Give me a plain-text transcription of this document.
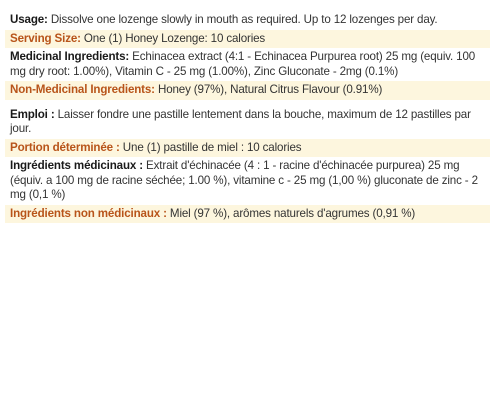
Usage: Dissolve one lozenge slowly in mouth as required. Up to 12 lozenges per day.
Serving Size: One (1) Honey Lozenge: 10 calories
Medicinal Ingredients: Echinacea extract (4:1 - Echinacea Purpurea root) 25 mg (equiv. 100 mg dry root: 1.00%), Vitamin C - 25 mg (1.00%), Zinc Gluconate - 2mg (0.1%)
Non-Medicinal Ingredients: Honey (97%), Natural Citrus Flavour (0.91%)
Emploi : Laisser fondre une pastille lentement dans la bouche, maximum de 12 pastilles par jour.
Portion déterminée : Une (1) pastille de miel : 10 calories
Ingrédients médicinaux : Extrait d'échinacée (4 : 1 - racine d'échinacée purpurea) 25 mg (équiv. a 100 mg de racine séchée; 1.00 %), vitamine c - 25 mg (1,00 %) gluconate de zinc - 2 mg (0,1 %)
Ingrédients non médicinaux : Miel (97 %), arômes naturels d'agrumes (0,91 %)
